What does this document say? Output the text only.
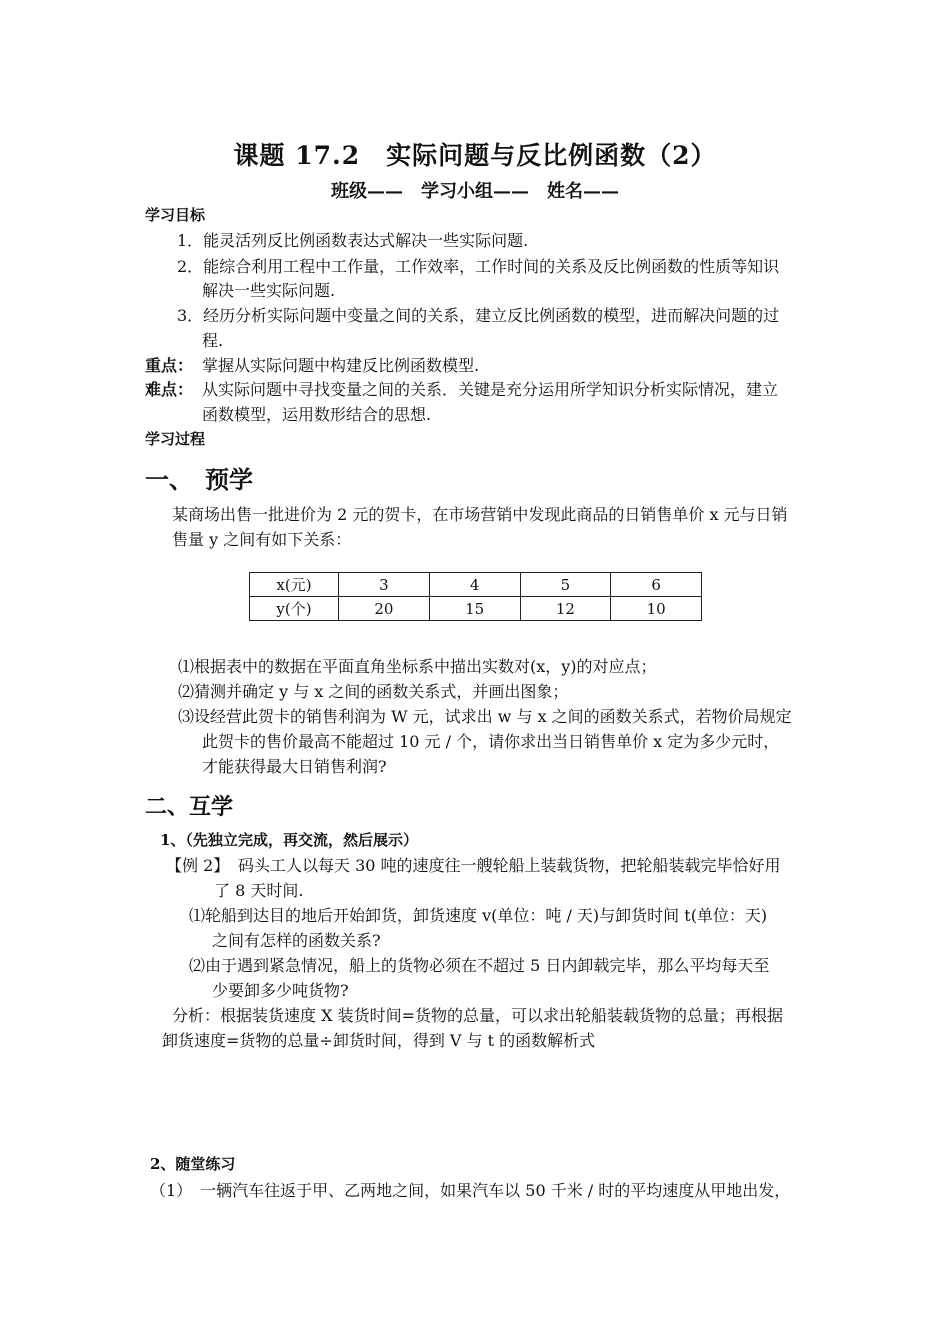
课题 17.2　实际问题与反比例函数（2）
班级——　学习小组——　姓名——
学习目标
1．能灵活列反比例函数表达式解决一些实际问题.
2．能综合利用工程中工作量，工作效率，工作时间的关系及反比例函数的性质等知识
解决一些实际问题.
3．经历分析实际问题中变量之间的关系，建立反比例函数的模型，进而解决问题的过
程.
重点： 掌握从实际问题中构建反比例函数模型.
难点： 从实际问题中寻找变量之间的关系．关键是充分运用所学知识分析实际情况，建立
函数模型，运用数形结合的思想.
学习过程
一、　预学
某商场出售一批进价为 2 元的贺卡，在市场营销中发现此商品的日销售单价 x 元与日销
售量 y 之间有如下关系：
x(元)	3	4	5	6
y(个)	20	15	12	10
⑴根据表中的数据在平面直角坐标系中描出实数对(x，y)的对应点；
⑵猜测并确定 y 与 x 之间的函数关系式，并画出图象；
⑶设经营此贺卡的销售利润为 W 元，试求出 w 与 x 之间的函数关系式，若物价局规定
此贺卡的售价最高不能超过 10 元 / 个，请你求出当日销售单价 x 定为多少元时，
才能获得最大日销售利润?
二、互学
1、（先独立完成，再交流，然后展示）
【例 2】 码头工人以每天 30 吨的速度往一艘轮船上装载货物，把轮船装载完毕恰好用
了 8 天时间.
⑴轮船到达目的地后开始卸货，卸货速度 v(单位：吨 / 天)与卸货时间 t(单位：天)
之间有怎样的函数关系?
⑵由于遇到紧急情况，船上的货物必须在不超过 5 日内卸载完毕，那么平均每天至
少要卸多少吨货物?
分析：根据装货速度 X 装货时间=货物的总量，可以求出轮船装载货物的总量；再根据
卸货速度=货物的总量÷卸货时间，得到 V 与 t 的函数解析式
2、随堂练习
（1）　一辆汽车往返于甲、乙两地之间，如果汽车以 50 千米 / 时的平均速度从甲地出发，
